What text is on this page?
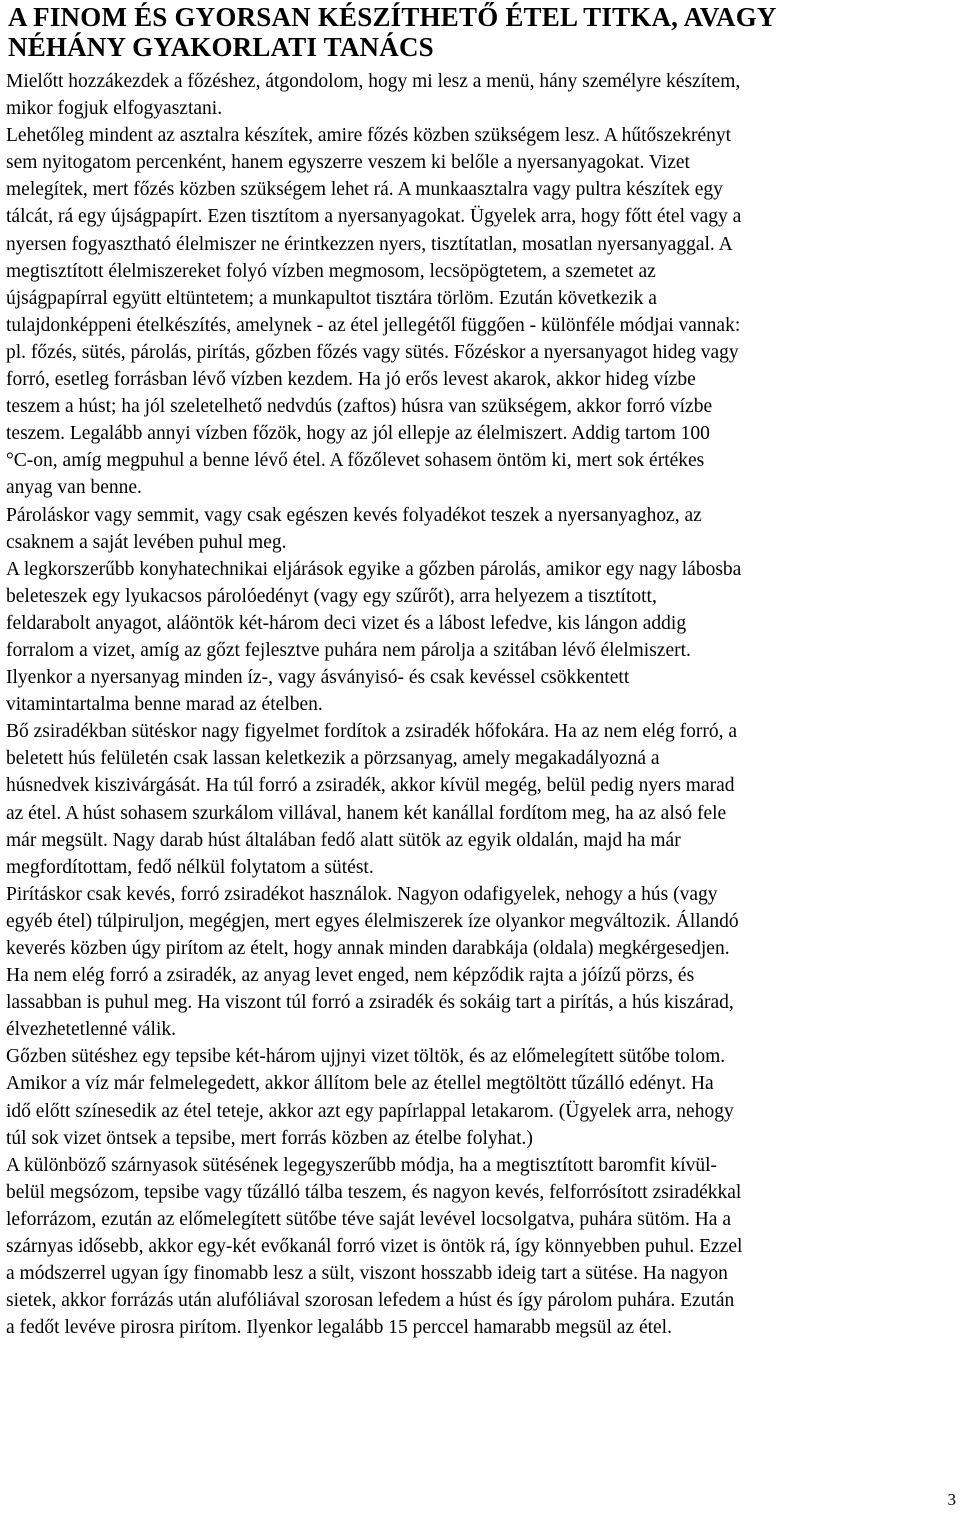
A FINOM ÉS GYORSAN KÉSZÍTHETŐ ÉTEL TITKA, AVAGY
NÉHÁNY GYAKORLATI TANÁCS
Mielőtt hozzákezdek a főzéshez, átgondolom, hogy mi lesz a menü, hány személyre készítem,
mikor fogjuk elfogyasztani.
Lehetőleg mindent az asztalra készítek, amire főzés közben szükségem lesz. A hűtőszekrényt
sem nyitogatom percenként, hanem egyszerre veszem ki belőle a nyersanyagokat. Vizet
melegítek, mert főzés közben szükségem lehet rá. A munkaasztalra vagy pultra készítek egy
tálcát, rá egy újságpapírt. Ezen tisztítom a nyersanyagokat. Ügyelek arra, hogy főtt étel vagy a
nyersen fogyasztható élelmiszer ne érintkezzen nyers, tisztítatlan, mosatlan nyersanyaggal. A
megtisztított élelmiszereket folyó vízben megmosom, lecsöpögtetem, a szemetet az
újságpapírral együtt eltüntetem; a munkapultot tisztára törlöm. Ezután következik a
tulajdonképpeni ételkészítés, amelynek - az étel jellegétől függően - különféle módjai vannak:
pl. főzés, sütés, párolás, pirítás, gőzben főzés vagy sütés. Főzéskor a nyersanyagot hideg vagy
forró, esetleg forrásban lévő vízben kezdem. Ha jó erős levest akarok, akkor hideg vízbe
teszem a húst; ha jól szeletelhető nedvdús (zaftos) húsra van szükségem, akkor forró vízbe
teszem. Legalább annyi vízben főzök, hogy az jól ellepje az élelmiszert. Addig tartom 100
°C-on, amíg megpuhul a benne lévő étel. A főzőlevet sohasem öntöm ki, mert sok értékes
anyag van benne.
Pároláskor vagy semmit, vagy csak egészen kevés folyadékot teszek a nyersanyaghoz, az
csaknem a saját levében puhul meg.
A legkorszerűbb konyhatechnikai eljárások egyike a gőzben párolás, amikor egy nagy lábosba
beleteszek egy lyukacsos párolóedényt (vagy egy szűrőt), arra helyezem a tisztított,
feldarabolt anyagot, aláöntök két-három deci vizet és a lábost lefedve, kis lángon addig
forralom a vizet, amíg az gőzt fejlesztve puhára nem párolja a szitában lévő élelmiszert.
Ilyenkor a nyersanyag minden íz-, vagy ásványisó- és csak kevéssel csökkentett
vitamintartalma benne marad az ételben.
Bő zsiradékban sütéskor nagy figyelmet fordítok a zsiradék hőfokára. Ha az nem elég forró, a
beletett hús felületén csak lassan keletkezik a pörzsanyag, amely megakadályozná a
húsnedvek kiszivárgását. Ha túl forró a zsiradék, akkor kívül megég, belül pedig nyers marad
az étel. A húst sohasem szurkálom villával, hanem két kanállal fordítom meg, ha az alsó fele
már megsült. Nagy darab húst általában fedő alatt sütök az egyik oldalán, majd ha már
megfordítottam, fedő nélkül folytatom a sütést.
Pirításkor csak kevés, forró zsiradékot használok. Nagyon odafigyelek, nehogy a hús (vagy
egyéb étel) túlpiruljon, megégjen, mert egyes élelmiszerek íze olyankor megváltozik. Állandó
keverés közben úgy pirítom az ételt, hogy annak minden darabkája (oldala) megkérgesedjen.
Ha nem elég forró a zsiradék, az anyag levet enged, nem képződik rajta a jóízű pörzs, és
lassabban is puhul meg. Ha viszont túl forró a zsiradék és sokáig tart a pirítás, a hús kiszárad,
élvezhetetlenné válik.
Gőzben sütéshez egy tepsibe két-három ujjnyi vizet töltök, és az előmelegített sütőbe tolom.
Amikor a víz már felmelegedett, akkor állítom bele az étellel megtöltött tűzálló edényt. Ha
idő előtt színesedik az étel teteje, akkor azt egy papírlappal letakarom. (Ügyelek arra, nehogy
túl sok vizet öntsek a tepsibe, mert forrás közben az ételbe folyhat.)
A különböző szárnyasok sütésének legegyszerűbb módja, ha a megtisztított baromfit kívül-
belül megsózom, tepsibe vagy tűzálló tálba teszem, és nagyon kevés, felforrósított zsiradékkal
leforrázom, ezután az előmelegített sütőbe téve saját levével locsolgatva, puhára sütöm. Ha a
szárnyas idősebb, akkor egy-két evőkanál forró vizet is öntök rá, így könnyebben puhul. Ezzel
a módszerrel ugyan így finomabb lesz a sült, viszont hosszabb ideig tart a sütése. Ha nagyon
sietek, akkor forrázás után alufóliával szorosan lefedem a húst és így párolom puhára. Ezután
a fedőt levéve pirosra pirítom. Ilyenkor legalább 15 perccel hamarabb megsül az étel.
3
